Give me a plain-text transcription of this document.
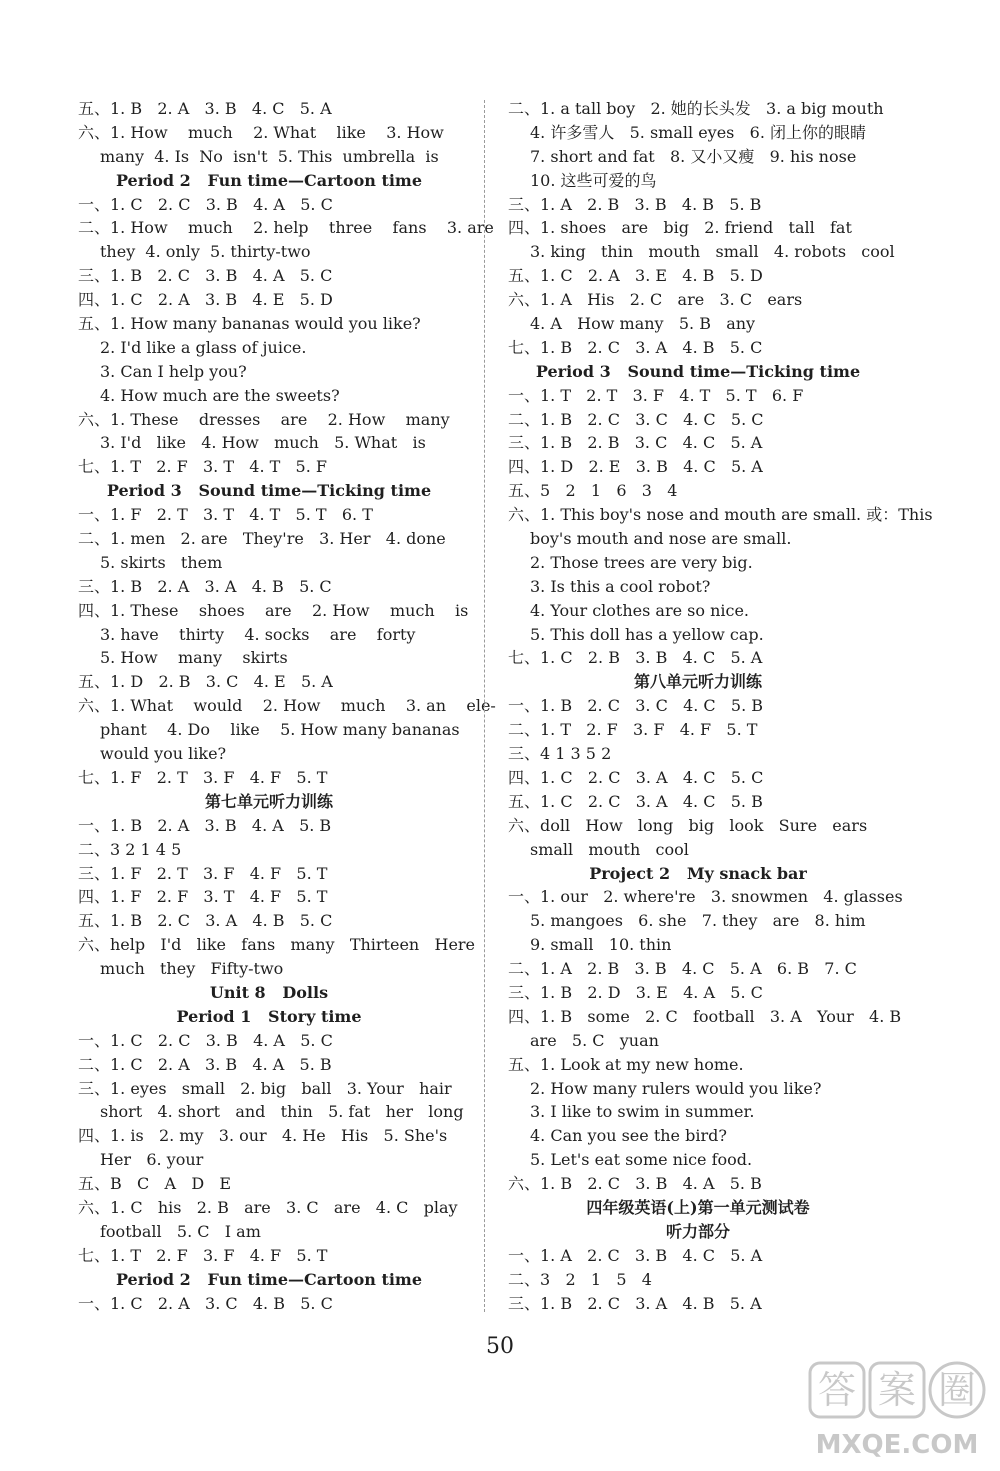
五、1. B   2. A   3. B   4. C   5. A
六、1. How    much    2. What    like    3. How
many  4. Is  No  isn't  5. This  umbrella  is
Period 2   Fun time—Cartoon time
一、1. C   2. C   3. B   4. A   5. C
二、1. How    much    2. help    three    fans    3. are
they  4. only  5. thirty-two
三、1. B   2. C   3. B   4. A   5. C
四、1. C   2. A   3. B   4. E   5. D
五、1. How many bananas would you like?
2. I'd like a glass of juice.
3. Can I help you?
4. How much are the sweets?
六、1. These    dresses    are    2. How    many
3. I'd   like   4. How   much   5. What   is
七、1. T   2. F   3. T   4. T   5. F
Period 3   Sound time—Ticking time
一、1. F   2. T   3. T   4. T   5. T   6. T
二、1. men   2. are   They're   3. Her   4. done
5. skirts   them
三、1. B   2. A   3. A   4. B   5. C
四、1. These    shoes    are    2. How    much    is
3. have    thirty    4. socks    are    forty
5. How    many    skirts
五、1. D   2. B   3. C   4. E   5. A
六、1. What    would    2. How    much    3. an    ele-
phant    4. Do    like    5. How many bananas
would you like?
七、1. F   2. T   3. F   4. F   5. T
第七单元听力训练
一、1. B   2. A   3. B   4. A   5. B
二、3 2 1 4 5
三、1. F   2. T   3. F   4. F   5. T
四、1. F   2. F   3. T   4. F   5. T
五、1. B   2. C   3. A   4. B   5. C
六、help   I'd   like   fans   many   Thirteen   Here
much   they   Fifty-two
Unit 8   Dolls
Period 1   Story time
一、1. C   2. C   3. B   4. A   5. C
二、1. C   2. A   3. B   4. A   5. B
三、1. eyes   small   2. big   ball   3. Your   hair
short   4. short   and   thin   5. fat   her   long
四、1. is   2. my   3. our   4. He   His   5. She's
Her   6. your
五、B   C   A   D   E
六、1. C   his   2. B   are   3. C   are   4. C   play
football   5. C   I am
七、1. T   2. F   3. F   4. F   5. T
Period 2   Fun time—Cartoon time
一、1. C   2. A   3. C   4. B   5. C
二、1. a tall boy   2. 她的长头发   3. a big mouth
4. 许多雪人   5. small eyes   6. 闭上你的眼睛
7. short and fat   8. 又小又瘦   9. his nose
10. 这些可爱的鸟
三、1. A   2. B   3. B   4. B   5. B
四、1. shoes   are   big   2. friend   tall   fat
3. king   thin   mouth   small   4. robots   cool
五、1. C   2. A   3. E   4. B   5. D
六、1. A   His   2. C   are   3. C   ears
4. A   How many   5. B   any
七、1. B   2. C   3. A   4. B   5. C
Period 3   Sound time—Ticking time
一、1. T   2. T   3. F   4. T   5. T   6. F
二、1. B   2. C   3. C   4. C   5. C
三、1. B   2. B   3. C   4. C   5. A
四、1. D   2. E   3. B   4. C   5. A
五、5   2   1   6   3   4
六、1. This boy's nose and mouth are small. 或：This
boy's mouth and nose are small.
2. Those trees are very big.
3. Is this a cool robot?
4. Your clothes are so nice.
5. This doll has a yellow cap.
七、1. C   2. B   3. B   4. C   5. A
第八单元听力训练
一、1. B   2. C   3. C   4. C   5. B
二、1. T   2. F   3. F   4. F   5. T
三、4 1 3 5 2
四、1. C   2. C   3. A   4. C   5. C
五、1. C   2. C   3. A   4. C   5. B
六、doll   How   long   big   look   Sure   ears
small   mouth   cool
Project 2   My snack bar
一、1. our   2. where're   3. snowmen   4. glasses
5. mangoes   6. she   7. they   are   8. him
9. small   10. thin
二、1. A   2. B   3. B   4. C   5. A   6. B   7. C
三、1. B   2. D   3. E   4. A   5. C
四、1. B   some   2. C   football   3. A   Your   4. B
are   5. C   yuan
五、1. Look at my new home.
2. How many rulers would you like?
3. I like to swim in summer.
4. Can you see the bird?
5. Let's eat some nice food.
六、1. B   2. C   3. B   4. A   5. B
四年级英语(上)第一单元测试卷
听力部分
一、1. A   2. C   3. B   4. C   5. A
二、3   2   1   5   4
三、1. B   2. C   3. A   4. B   5. A
50
答 案 圈
MXQE.COM
